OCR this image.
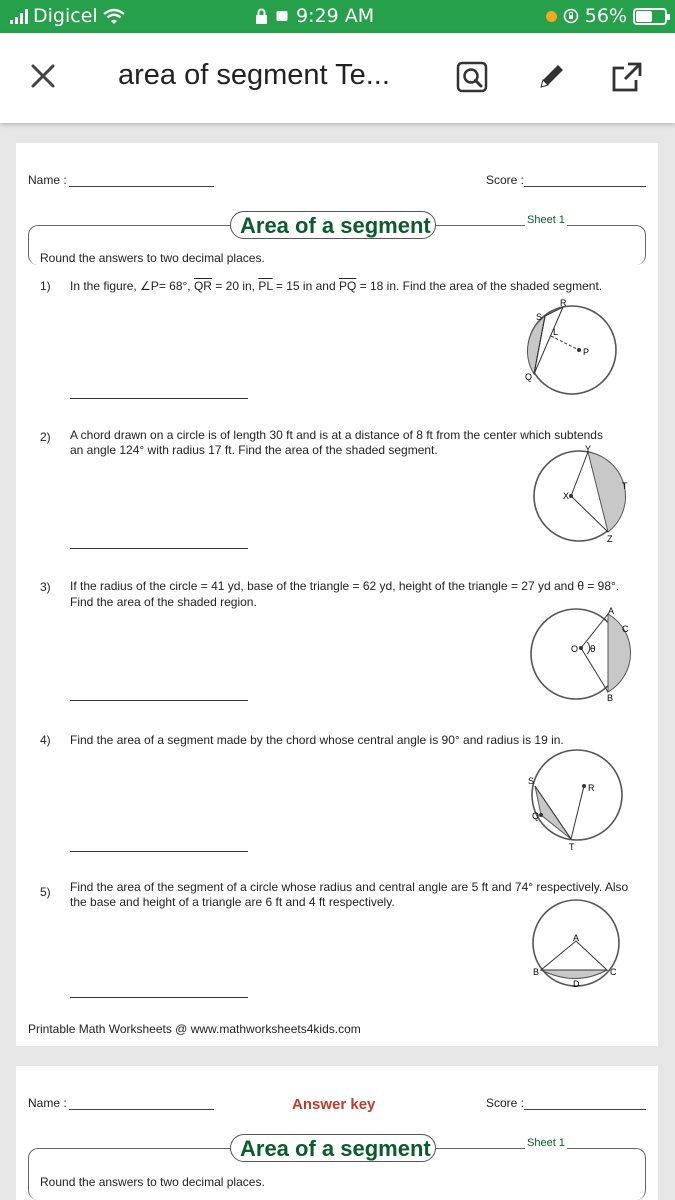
Digicel	9:29 AM	56%
area of segment Te...
Name :	Score :
Area of a segment	Sheet 1
Round the answers to two decimal places.
1) In the figure, ∠P= 68°, $\overline{QR} = 20$ in, $\overline{PL} = 15$ in and $\overline{PQ} = 18$ in. Find the area of the shaded segment.
R
S
L
Q
P
2) A chord drawn on a circle is of length 30 ft and is at a distance of 8 ft from the center which subtends
an angle 124° with radius 17 ft. Find the area of the shaded segment.	Y
X
T
Z
3) If the radius of the circle = 41 yd, base of the triangle = 62 yd, height of the triangle = 27 yd and θ = 98°.
Find the area of the shaded region.
A
C
O θ
B
4) Find the area of a segment made by the chord whose central angle is 90° and radius is 19 in.
S
R
Q
T
5) Find the area of the segment of a circle whose radius and central angle are 5 ft and 74° respectively. Also
the base and height of a triangle are 6 ft and 4 ft respectively.
A
B	C
D
Printable Math Worksheets @ www.mathworksheets4kids.com
Name :	Answer key	Score :
Area of a segment	Sheet 1
Round the answers to two decimal places.
